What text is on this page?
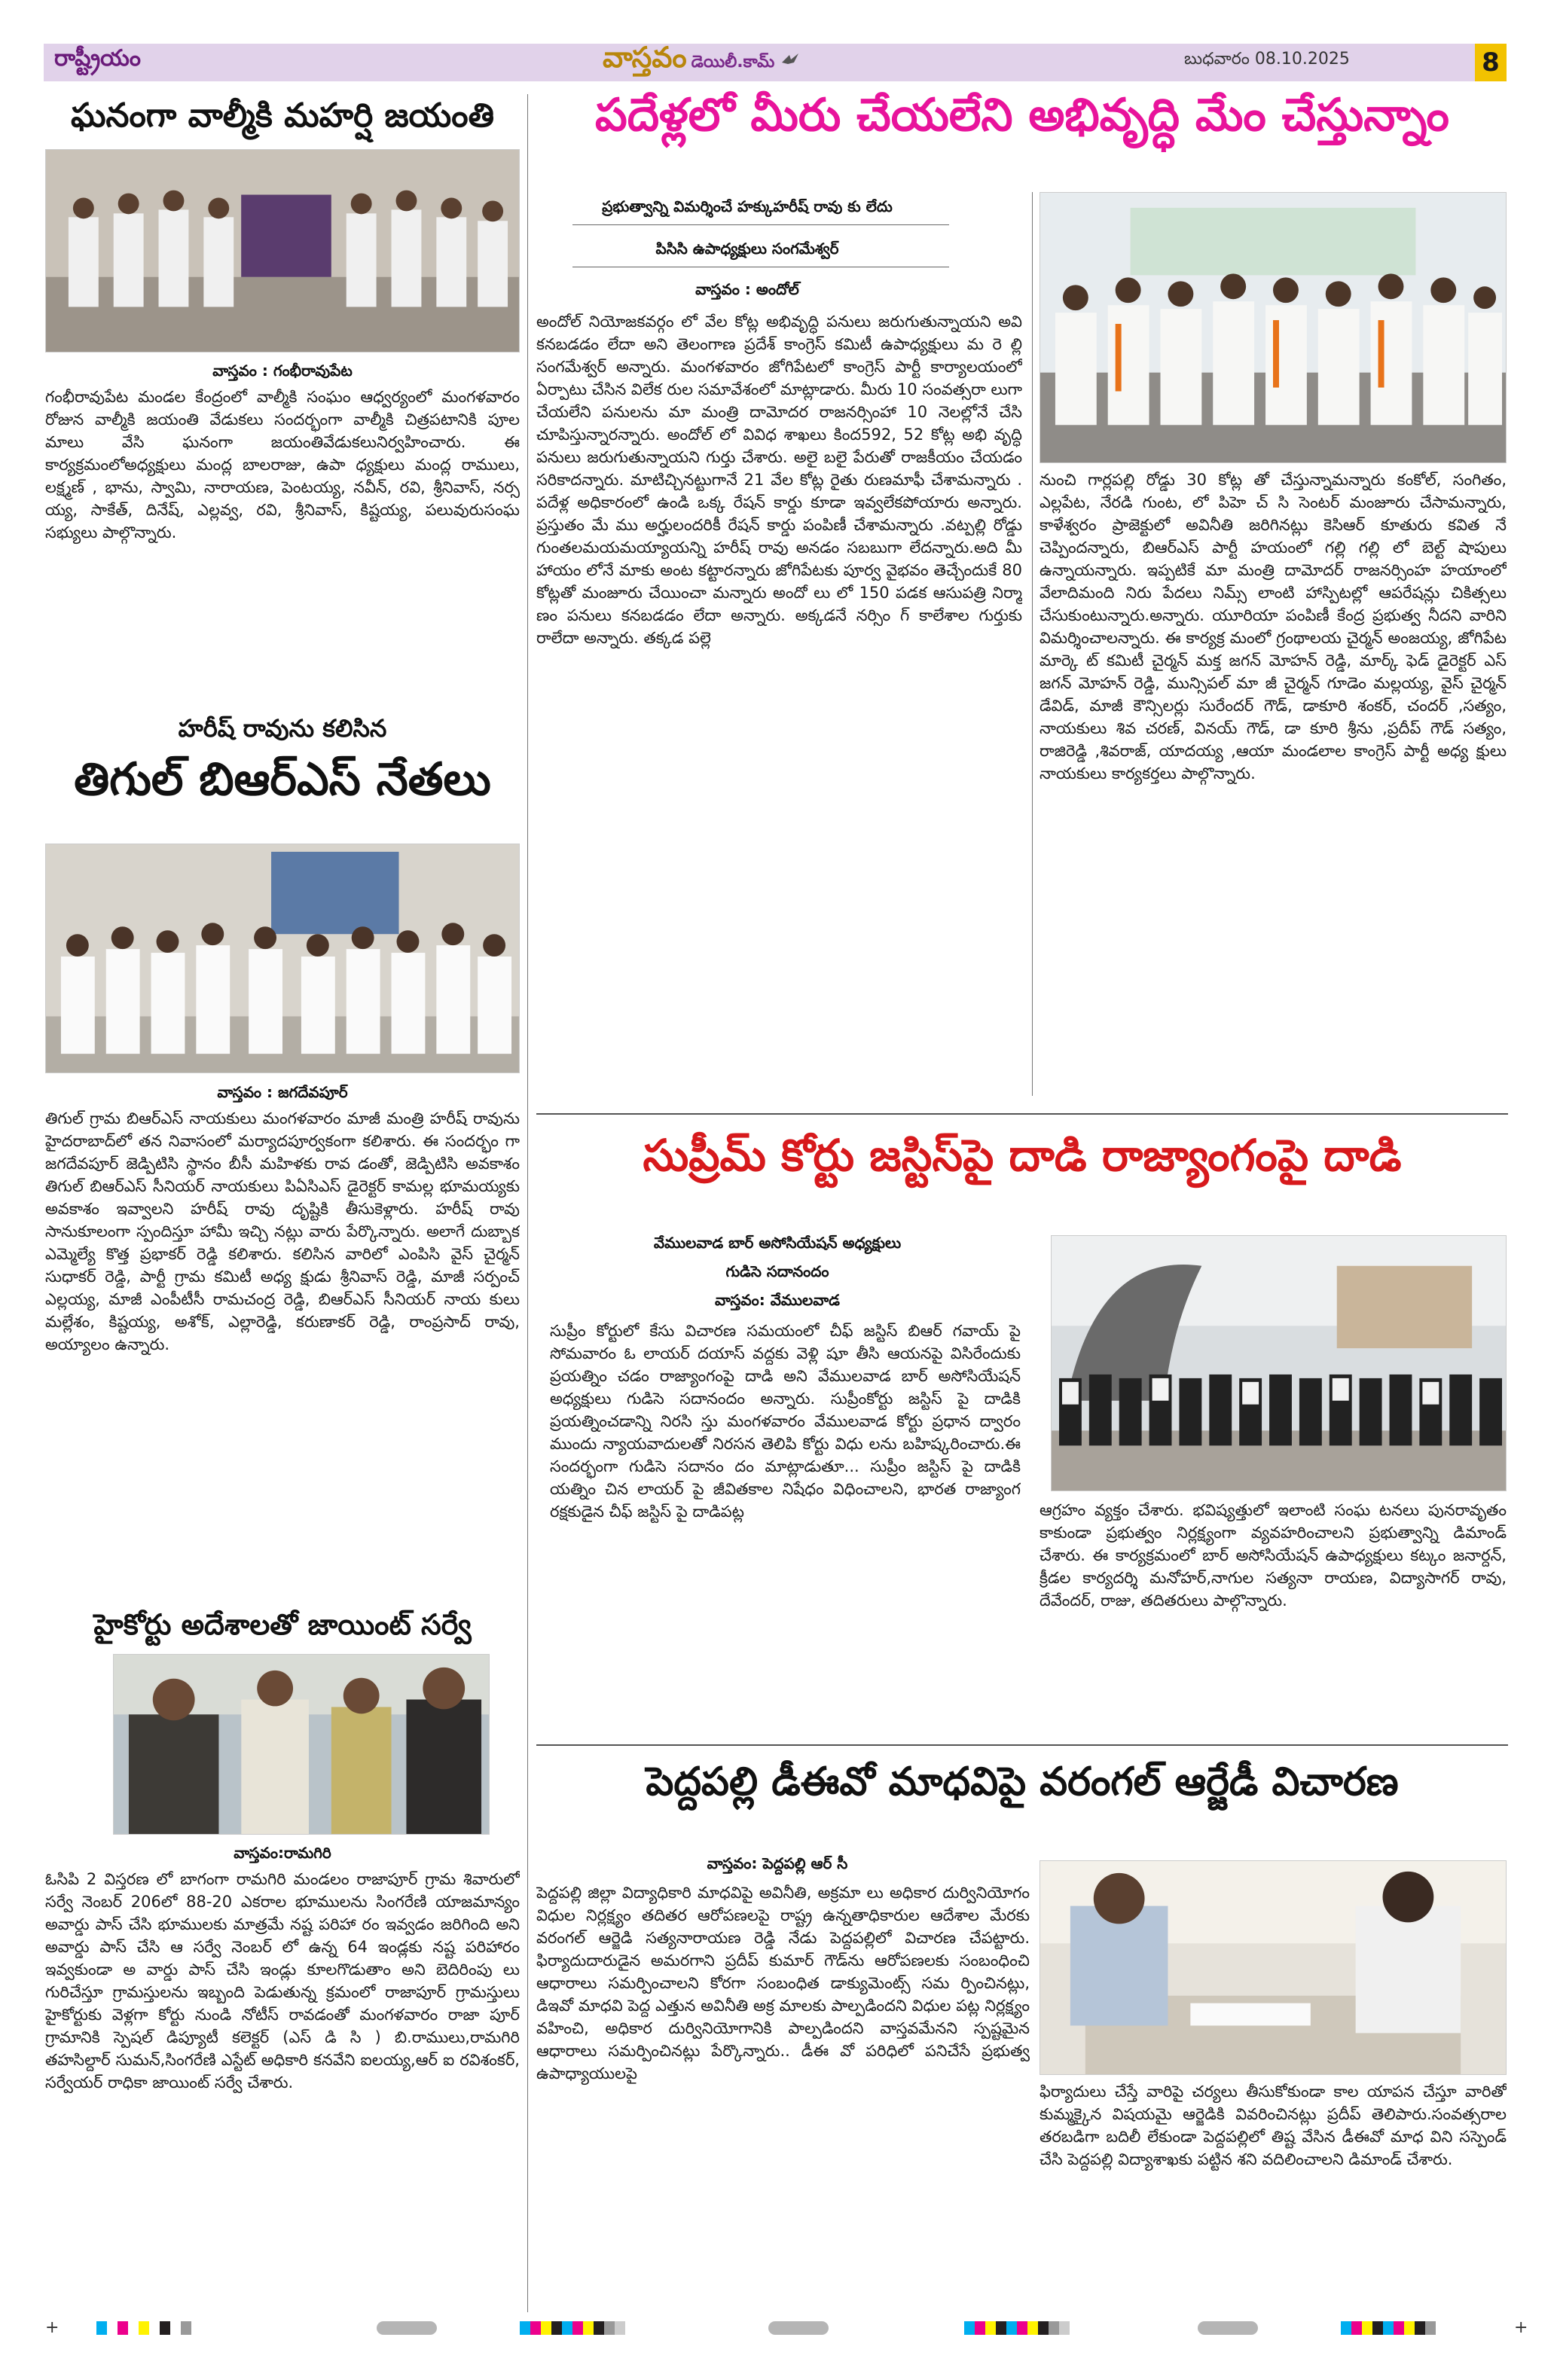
రాష్ట్రీయం	వాస్తవం డెయిలీ.కామ్	బుధవారం 08.10.2025	8
ఘనంగా వాల్మీకి మహర్షి జయంతి
వాస్తవం : గంభీరావుపేట
గంభీరావుపేట మండల కేంద్రంలో వాల్మీకి సంఘం ఆధ్వర్యంలో మంగళవారం రోజున వాల్మీకి జయంతి వేడుకలు సందర్భంగా వాల్మీకి చిత్రపటానికి పూల మాలు వేసి ఘనంగా జయంతివేడుకలునిర్వహించారు. ఈ కార్యక్రమంలోఅధ్యక్షులు మంద్ల బాలరాజు, ఉపా ధ్యక్షులు మంద్ల రాములు, లక్ష్మణ్ , భాను, స్వామి, నారాయణ, పెంటయ్య, నవీన్, రవి, శ్రీనివాస్, నర్స య్య, సాకేత్, దినేష్, ఎల్లవ్వ, రవి, శ్రీనివాస్, కిష్టయ్య, పలువురుసంఘ సభ్యులు పాల్గొన్నారు.
హరీష్ రావును కలిసిన
తిగుల్ బిఆర్ఎస్ నేతలు
వాస్తవం : జగదేవపూర్
తిగుల్ గ్రామ బిఆర్ఎస్ నాయకులు మంగళవారం మాజీ మంత్రి హరీష్ రావును హైదరాబాద్‌లో తన నివాసంలో మర్యాదపూర్వకంగా కలిశారు. ఈ సందర్భం గా జగదేవపూర్ జెడ్పిటిసి స్థానం బీసీ మహిళకు రావ డంతో, జెడ్పిటిసి అవకాశం తిగుల్ బిఆర్ఎస్ సీనియర్ నాయకులు పిఏసిఎస్ డైరెక్టర్ కామల్ల భూమయ్యకు అవకాశం ఇవ్వాలని హరీష్ రావు దృష్టికి తీసుకెళ్లారు. హరీష్ రావు సానుకూలంగా స్పందిస్తూ హామీ ఇచ్చి నట్లు వారు పేర్కొన్నారు. అలాగే దుబ్బాక ఎమ్మెల్యే కొత్త ప్రభాకర్ రెడ్డి కలిశారు. కలిసిన వారిలో ఎంపిసి వైస్ చైర్మన్ సుధాకర్ రెడ్డి, పార్టీ గ్రామ కమిటీ అధ్య క్షుడు శ్రీనివాస్ రెడ్డి, మాజీ సర్పంచ్ ఎల్లయ్య, మాజీ ఎంపీటీసీ రామచంద్ర రెడ్డి, బిఆర్ఎస్ సీనియర్ నాయ కులు మల్లేశం, కిష్టయ్య, అశోక్, ఎల్లారెడ్డి, కరుణాకర్ రెడ్డి, రాంప్రసాద్ రావు, అయ్యాలం ఉన్నారు.
హైకోర్టు అదేశాలతో జాయింట్ సర్వే
వాస్తవం:రామగిరి
ఓసిపి 2 విస్తరణ లో బాగంగా రామగిరి మండలం రాజాపూర్ గ్రామ శివారులో సర్వే నెంబర్ 206లో 88-20 ఎకరాల భూములను సింగరేణి యాజమాన్యం అవార్డు పాస్ చేసి భూములకు మాత్రమే నష్ట పరిహా రం ఇవ్వడం జరిగింది అని అవార్డు పాస్ చేసి ఆ సర్వే నెంబర్ లో ఉన్న 64 ఇండ్లకు నష్ట పరిహారం ఇవ్వకుండా అ వార్డు పాస్ చేసి ఇండ్లు కూలగొడుతాం అని బెదిరింపు లు గురిచేస్తూ గ్రామస్తులను ఇబ్బంది పెడుతున్న క్రమంలో రాజాపూర్ గ్రామస్తులు హైకోర్టుకు వెళ్లగా కోర్టు నుండి నోటీస్ రావడంతో మంగళవారం రాజా పూర్ గ్రామానికి స్పెషల్ డిప్యూటీ కలెక్టర్ (ఎస్ డి సి ) బి.రాములు,రామగిరి తహసిల్దార్ సుమన్,సింగరేణి ఎస్టేట్ అధికారి కనవేని ఐలయ్య,ఆర్ ఐ రవిశంకర్, సర్వేయర్ రాధికా జాయింట్ సర్వే చేశారు.
పదేళ్లలో మీరు చేయలేని అభివృద్ధి మేం చేస్తున్నాం
ప్రభుత్వాన్ని విమర్శించే హక్కుహరీష్ రావు కు లేదు
పిసిసి ఉపాధ్యక్షులు సంగమేశ్వర్
వాస్తవం : అందోల్
అందోల్ నియోజకవర్గం లో వేల కోట్ల అభివృద్ధి పనులు జరుగుతున్నాయని అవి కనబడడం లేదా అని తెలంగాణ ప్రదేశ్ కాంగ్రెస్ కమిటీ ఉపాధ్యక్షులు మ రె ల్లి సంగమేశ్వర్ అన్నారు. మంగళవారం జోగిపేటలో కాంగ్రెస్ పార్టీ కార్యాలయంలో ఏర్పాటు చేసిన విలేక రుల సమావేశంలో మాట్లాడారు. మీరు 10 సంవత్సరా లుగా చేయలేని పనులను మా మంత్రి దామోదర రాజనర్సింహా 10 నెలల్లోనే చేసి చూపిస్తున్నారన్నారు. అందోల్ లో వివిధ శాఖలు కింద592, 52 కోట్ల అభి వృద్ధి పనులు జరుగుతున్నాయని గుర్తు చేశారు. అలై బలై పేరుతో రాజకీయం చేయడం సరికాదన్నారు. మాటిచ్చినట్టుగానే 21 వేల కోట్ల రైతు రుణమాఫీ చేశామన్నారు . పదేళ్ల అధికారంలో ఉండి ఒక్క రేషన్ కార్డు కూడా ఇవ్వలేకపోయారు అన్నారు. ప్రస్తుతం మే ము అర్హులందరికీ రేషన్ కార్డు పంపిణీ చేశామన్నారు .వట్పల్లి రోడ్డు గుంతలమయమయ్యాయన్ని హరీష్ రావు అనడం సబబుగా లేదన్నారు.అది మీ హాయం లోనే మాకు అంట కట్టారన్నారు జోగిపేటకు పూర్వ వైభవం తెచ్చేందుకే 80 కోట్లతో మంజూరు చేయించా మన్నారు అందో లు లో 150 పడక ఆసుపత్రి నిర్మా ణం పనులు కనబడడం లేదా అన్నారు. అక్కడనే నర్సిం గ్ కాలేశాల గుర్తుకు రాలేదా అన్నారు. తక్కడ పల్లె
నుంచి గార్లపల్లి రోడ్డు 30 కోట్ల తో చేస్తున్నామన్నారు కంకోల్, సంగితం, ఎల్లపేట, నేరడి గుంట, లో పిహె చ్ సి సెంటర్ మంజూరు చేసామన్నారు, కాళేశ్వరం ప్రాజెక్టులో అవినీతి జరిగినట్లు కెసిఆర్ కూతురు కవిత నే చెప్పిందన్నారు, బిఆర్ఎస్ పార్టీ హయంలో గల్లి గల్లి లో బెల్ట్ షాపులు ఉన్నాయన్నారు. ఇప్పటికే మా మంత్రి దామోదర్ రాజనర్సింహ హయాంలో వేలాదిమంది నిరు పేదలు నిమ్స్ లాంటి హాస్పిటల్లో ఆపరేషన్లు చికిత్సలు చేసుకుంటున్నారు.అన్నారు. యూరియా పంపిణీ కేంద్ర ప్రభుత్వ నీదని వారిని విమర్శించాలన్నారు. ఈ కార్యక్ర మంలో గ్రంథాలయ చైర్మన్ అంజయ్య, జోగిపేట మార్కె ట్ కమిటీ చైర్మన్ మక్త జగన్ మోహన్ రెడ్డి, మార్క్ ఫెడ్ డైరెక్టర్ ఎస్ జగన్ మోహన్ రెడ్డి, మున్సిపల్ మా జీ చైర్మన్ గూడెం మల్లయ్య, వైస్ చైర్మన్ డేవిడ్, మాజీ కౌన్సిలర్లు సురేందర్ గౌడ్, డాకూరి శంకర్, చందర్ ,సత్యం, నాయకులు శివ చరణ్, వినయ్ గౌడ్, డా కూరి శ్రీను ,ప్రదీప్ గౌడ్ సత్యం, రాజిరెడ్డి ,శివరాజ్, యాదయ్య ,ఆయా మండలాల కాంగ్రెస్ పార్టీ అధ్య క్షులు నాయకులు కార్యకర్తలు పాల్గొన్నారు.
సుప్రీమ్ కోర్టు జస్టిస్‌పై దాడి రాజ్యాంగంపై దాడి
వేములవాడ బార్ అసోసియేషన్ అధ్యక్షులు
గుడిసె సదానందం
వాస్తవం: వేములవాడ
సుప్రీం కోర్టులో కేసు విచారణ సమయంలో చీఫ్ జస్టిస్ బిఆర్ గవాయ్ పై సోమవారం ఓ లాయర్ దయాస్ వద్దకు వెళ్లి షూ తీసి ఆయనపై విసిరేందుకు ప్రయత్నిం చడం రాజ్యాంగంపై దాడి అని వేములవాడ బార్ అసోసియేషన్ అధ్యక్షులు గుడిసె సదానందం అన్నారు. సుప్రీంకోర్టు జస్టిస్ పై దాడికి ప్రయత్నించడాన్ని నిరసి స్తు మంగళవారం వేములవాడ కోర్టు ప్రధాన ద్వారం ముందు న్యాయవాదులతో నిరసన తెలిపి కోర్టు విధు లను బహిష్కరించారు.ఈ సందర్భంగా గుడిసె సదానం దం మాట్లాడుతూ... సుప్రీం జస్టిస్ పై దాడికి యత్నిం చిన లాయర్ పై జీవితకాల నిషేధం విధించాలని, భారత రాజ్యాంగ రక్షకుడైన చీఫ్ జస్టిస్ పై దాడిపట్ల	ఆగ్రహం వ్యక్తం చేశారు. భవిష్యత్తులో ఇలాంటి సంఘ టనలు పునరావృతం కాకుండా ప్రభుత్వం నిర్లక్ష్యంగా వ్యవహరించాలని ప్రభుత్వాన్ని డిమాండ్ చేశారు. ఈ కార్యక్రమంలో బార్ అసోసియేషన్ ఉపాధ్యక్షులు కట్కం జనార్దన్, క్రీడల కార్యదర్శి మనోహర్,నాగుల సత్యనా రాయణ, విద్యాసాగర్ రావు, దేవేందర్, రాజు, తదితరులు పాల్గొన్నారు.
పెద్దపల్లి డీఈవో మాధవిపై వరంగల్ ఆర్జేడీ విచారణ
వాస్తవం: పెద్దపల్లి ఆర్ సీ
పెద్దపల్లి జిల్లా విద్యాధికారి మాధవిపై అవినీతి, అక్రమా లు అధికార దుర్వినియోగం విధుల నిర్లక్ష్యం తదితర ఆరోపణలపై రాష్ట్ర ఉన్నతాధికారుల ఆదేశాల మేరకు వరంగల్ ఆర్జెడి సత్యనారాయణ రెడ్డి నేడు పెద్దపల్లిలో విచారణ చేపట్టారు. ఫిర్యాదుదారుడైన అమరగాని ప్రదీప్ కుమార్ గౌడ్‌ను ఆరోపణలకు సంబంధించి ఆధారాలు సమర్పించాలని కోరగా సంబంధిత డాక్యుమెంట్స్ సమ ర్పించినట్లు, డిఇవో మాధవి పెద్ద ఎత్తున అవినీతి అక్ర మాలకు పాల్పడిందని విధుల పట్ల నిర్లక్ష్యం వహించి, అధికార దుర్వినియోగానికి పాల్పడిందని వాస్తవమేనని స్పష్టమైన ఆధారాలు సమర్పించినట్లు పేర్కొన్నారు.. డీఈ వో పరిధిలో పనిచేసే ప్రభుత్వ ఉపాధ్యాయులపై
ఫిర్యాదులు చేస్తే వారిపై చర్యలు తీసుకోకుండా కాల యాపన చేస్తూ వారితో కుమ్మక్కైన విషయమై ఆర్జెడికి వివరించినట్లు ప్రదీప్ తెలిపారు.సంవత్సరాల తరబడిగా బదిలీ లేకుండా పెద్దపల్లిలో తిష్ట వేసిన డీఈవో మాధ విని సస్పెండ్ చేసి పెద్దపల్లి విద్యాశాఖకు పట్టిన శని వదిలించాలని డిమాండ్ చేశారు.
+	+
